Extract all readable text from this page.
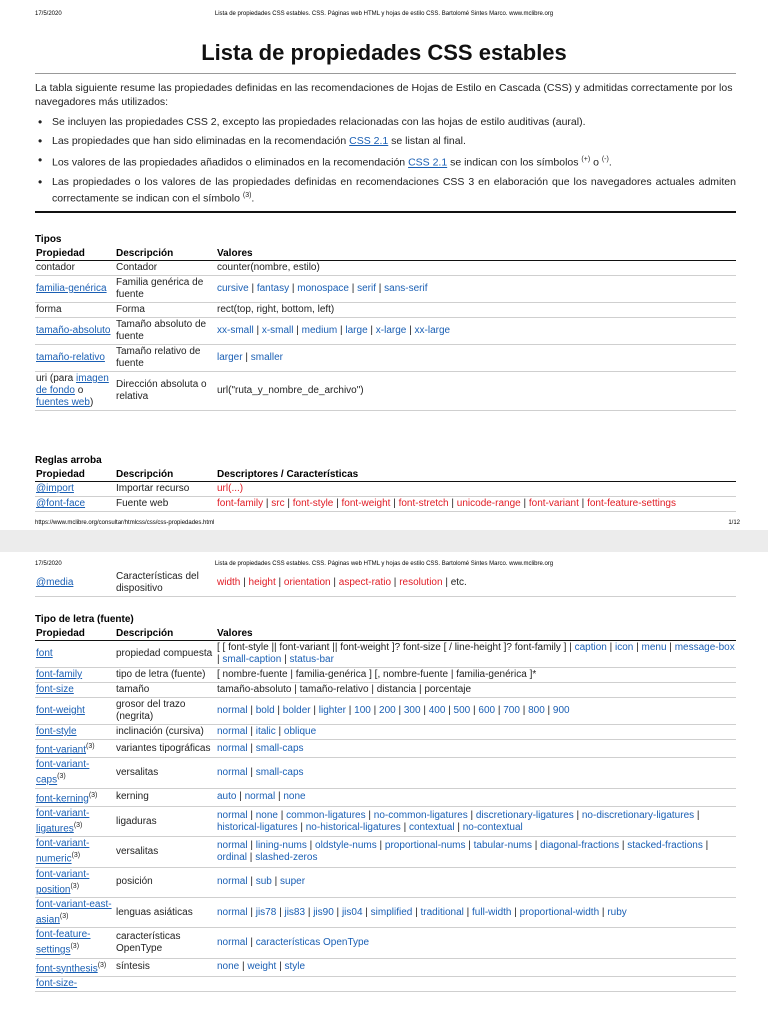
17/5/2020	Lista de propiedades CSS estables. CSS. Páginas web HTML y hojas de estilo CSS. Bartolomé Sintes Marco. www.mclibre.org
Lista de propiedades CSS estables

La tabla siguiente resume las propiedades definidas en las recomendaciones de Hojas de Estilo en Cascada (CSS) y admitidas correctamente por los navegadores más utilizados:

• Se incluyen las propiedades CSS 2, excepto las propiedades relacionadas con las hojas de estilo auditivas (aural).
• Las propiedades que han sido eliminadas en la recomendación CSS 2.1 se listan al final.
• Los valores de las propiedades añadidos o eliminados en la recomendación CSS 2.1 se indican con los símbolos (+) o (-).
• Las propiedades o los valores de las propiedades definidas en recomendaciones CSS 3 en elaboración que los navegadores actuales admiten correctamente se indican con el símbolo $^{(3)}$.
Tipos
Propiedad	Descripción	Valores
contador	Contador	counter(nombre, estilo)
familia-genérica	Familia genérica de fuente	cursive | fantasy | monospace | serif | sans-serif
forma	Forma	rect(top, right, bottom, left)
tamaño-absoluto	Tamaño absoluto de fuente	xx-small | x-small | medium | large | x-large | xx-large
tamaño-relativo	Tamaño relativo de fuente	larger | smaller
uri (para imagen de fondo o fuentes web)	Dirección absoluta o relativa	url("ruta_y_nombre_de_archivo")
Reglas arroba
Propiedad	Descripción	Descriptores / Características
@import	Importar recurso	url(...)
@font-face	Fuente web	font-family | src | font-style | font-weight | font-stretch | unicode-range | font-variant | font-feature-settings
https://www.mclibre.org/consultar/htmlcss/css/css-propiedades.html	1/12
17/5/2020	Lista de propiedades CSS estables. CSS. Páginas web HTML y hojas de estilo CSS. Bartolomé Sintes Marco. www.mclibre.org
@media	Características del dispositivo	width | height | orientation | aspect-ratio | resolution | etc.
Tipo de letra (fuente)
Propiedad	Descripción	Valores
font	propiedad compuesta	[ [ font-style || font-variant || font-weight ]? font-size [ / line-height ]? font-family ] | caption | icon | menu | message-box | small-caption | status-bar
font-family	tipo de letra (fuente)	[ nombre-fuente | familia-genérica ] [, nombre-fuente | familia-genérica ]*
font-size	tamaño	tamaño-absoluto | tamaño-relativo | distancia | porcentaje
font-weight	grosor del trazo (negrita)	normal | bold | bolder | lighter | 100 | 200 | 300 | 400 | 500 | 600 | 700 | 800 | 900
font-style	inclinación (cursiva)	normal | italic | oblique
font-variant$^{(3)}$	variantes tipográficas	normal | small-caps
font-variant-caps$^{(3)}$	versalitas	normal | small-caps
font-kerning$^{(3)}$	kerning	auto | normal | none
font-variant-ligatures$^{(3)}$	ligaduras	normal | none | common-ligatures | no-common-ligatures | discretionary-ligatures | no-discretionary-ligatures | historical-ligatures | no-historical-ligatures | contextual | no-contextual
font-variant-numeric$^{(3)}$	versalitas	normal | lining-nums | oldstyle-nums | proportional-nums | tabular-nums | diagonal-fractions | stacked-fractions | ordinal | slashed-zeros
font-variant-position$^{(3)}$	posición	normal | sub | super
font-variant-east-asian$^{(3)}$	lenguas asiáticas	normal | jis78 | jis83 | jis90 | jis04 | simplified | traditional | full-width | proportional-width | ruby
font-feature-settings$^{(3)}$	características OpenType	normal | características OpenType
font-synthesis$^{(3)}$	síntesis	none | weight | style
font-size-		
